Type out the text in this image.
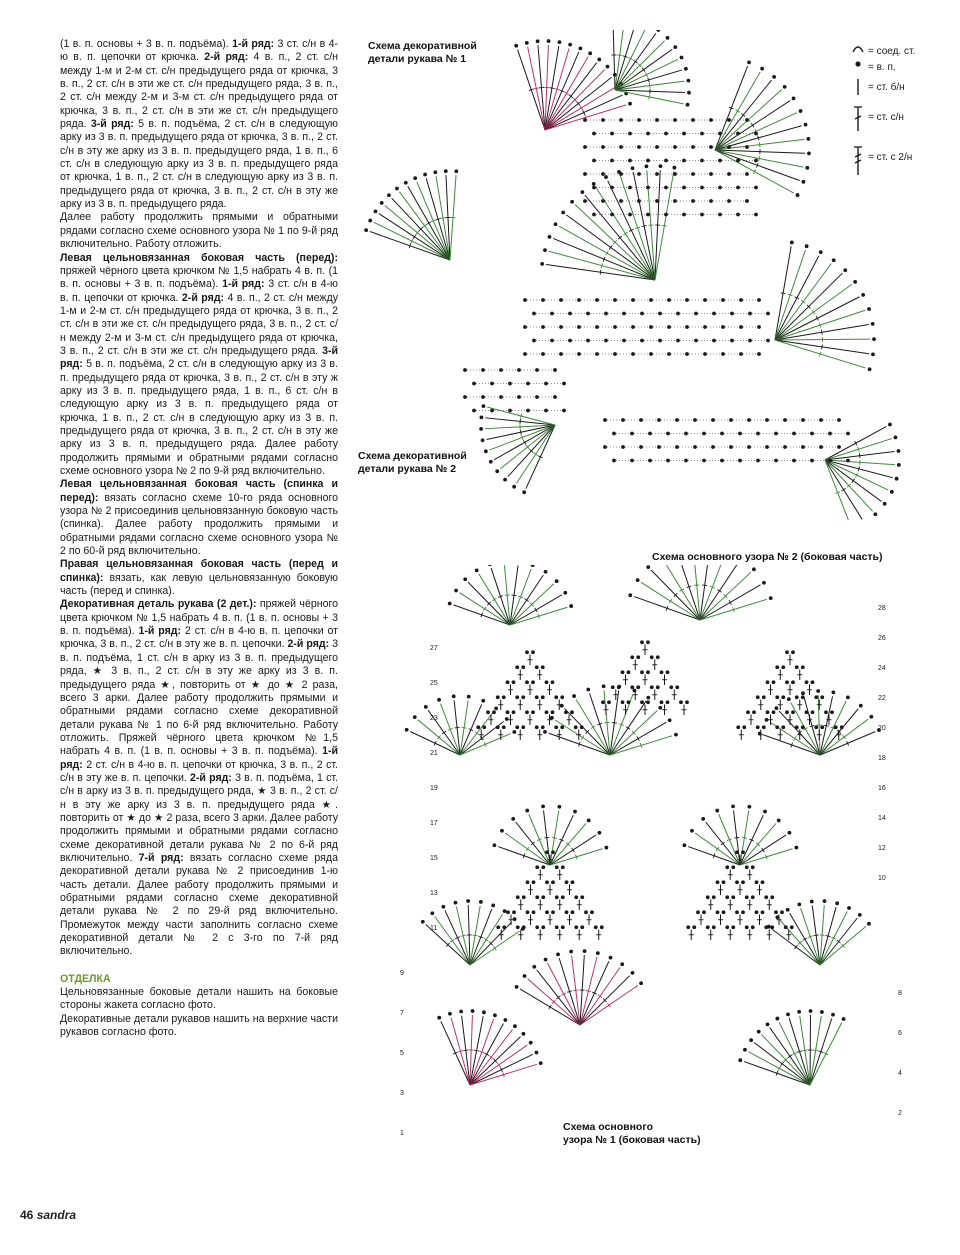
(1 в. п. основы + 3 в. п. подъёма). 1-й ряд: 3 ст. с/н в 4-ю в. п. цепочки от крючка. 2-й ряд: 4 в. п., 2 ст. с/н между 1-м и 2-м ст. с/н предыдущего ряда от крючка, 3 в. п., 2 ст. с/н в эти же ст. с/н предыдущего ряда, 3 в. п., 2 ст. с/н между 2-м и 3-м ст. с/н предыдущего ряда от крючка, 3 в. п., 2 ст. с/н в эти же ст. с/н предыдущего ряда. 3-й ряд: 5 в. п. подъёма, 2 ст. с/н в следующую арку из 3 в. п. предыдущего ряда от крючка, 3 в. п., 2 ст. с/н в эту же арку из 3 в. п. предыдущего ряда, 1 в. п., 6 ст. с/н в следующую арку из 3 в. п. предыдущего ряда от крючка, 1 в. п., 2 ст. с/н в следующую арку из 3 в. п. предыдущего ряда от крючка, 3 в. п., 2 ст. с/н в эту же арку из 3 в. п. предыдущего ряда.

Далее работу продолжить прямыми и обратными рядами согласно схеме основного узора № 1 по 9-й ряд включительно. Работу отложить.

Левая цельновязанная боковая часть (перед): пряжей чёрного цвета крючком № 1,5 набрать 4 в. п. (1 в. п. основы + 3 в. п. подъёма). 1-й ряд: 3 ст. с/н в 4-ю в. п. цепочки от крючка. 2-й ряд: 4 в. п., 2 ст. с/н между 1-м и 2-м ст. с/н предыдущего ряда от крючка, 3 в. п., 2 ст. с/н в эти же ст. с/н предыдущего ряда, 3 в. п., 2 ст. с/н между 2-м и 3-м ст. с/н предыдущего ряда от крючка, 3 в. п., 2 ст. с/н в эти же ст. с/н предыдущего ряда. 3-й ряд: 5 в. п. подъёма, 2 ст. с/н в следующую арку из 3 в. п. предыдущего ряда от крючка, 3 в. п., 2 ст. с/н в эту ж арку из 3 в. п. предыдущего ряда, 1 в. п., 6 ст. с/н в следующую арку из 3 в. п. предыдущего ряда от крючка, 1 в. п., 2 ст. с/н в следующую арку из 3 в. п. предыдущего ряда от крючка, 3 в. п., 2 ст. с/н в эту же арку из 3 в. п. предыдущего ряда. Далее работу продолжить прямыми и обратными рядами согласно схеме основного узора № 2 по 9-й ряд включительно.

Левая цельновязанная боковая часть (спинка и перед): вязать согласно схеме 10-го ряда основного узора № 2 присоединив цельновязанную боковую часть (спинка). Далее работу продолжить прямыми и обратными рядами согласно схеме основного узора № 2 по 60-й ряд включительно.

Правая цельновязанная боковая часть (перед и спинка): вязать, как левую цельновязанную боковую часть (перед и спинка).

Декоративная деталь рукава (2 дет.): пряжей чёрного цвета крючком № 1,5 набрать 4 в. п. (1 в. п. основы + 3 в. п. подъёма). 1-й ряд: 2 ст. с/н в 4-ю в. п. цепочки от крючка, 3 в. п., 2 ст. с/н в эту же в. п. цепочки. 2-й ряд: 3 в. п. подъёма, 1 ст. с/н в арку из 3 в. п. предыдущего ряда, ★ 3 в. п., 2 ст. с/н в эту же арку из 3 в. п. предыдущего ряда ★, повторить от ★ до ★ 2 раза, всего 3 арки. Далее работу продолжить прямыми и обратными рядами согласно схеме декоративной детали рукава № 1 по 6-й ряд включительно. Работу отложить. Пряжей чёрного цвета крючком №1,5 набрать 4 в. п. (1 в. п. основы + 3 в. п. подъёма). 1-й ряд: 2 ст. с/н в 4-ю в. п. цепочки от крючка, 3 в. п., 2 ст. с/н в эту же в. п. цепочки. 2-й ряд: 3 в. п. подъёма, 1 ст. с/н в арку из 3 в. п. предыдущего ряда, ★ 3 в. п., 2 ст. с/н в эту же арку из 3 в. п. предыдущего ряда ★. повторить от ★ до ★ 2 раза, всего 3 арки. Далее работу продолжить прямыми и обратными рядами согласно схеме декоративной детали рукава № 2 по 6-й ряд включительно. 7-й ряд: вязать согласно схеме ряда декоративной детали рукава № 2 присоединив 1-ю часть детали. Далее работу продолжить прямыми и обратными рядами согласно схеме декоративной детали рукава № 2 по 29-й ряд включительно. Промежуток между части заполнить согласно схеме декоративной детали № 2 с 3-го по 7-й ряд включительно.

ОТДЕЛКА

Цельновязанные боковые детали нашить на боковые стороны жакета согласно фото.

Декоративные детали рукавов нашить на верхние части рукавов согласно фото.

46 sandra
Схема декоративной
детали рукава № 1
Схема декоративной
детали рукава № 2
Схема основного узора № 2 (боковая часть)
Схема основного
узора № 1 (боковая часть)
= соед. ст.
= в. п.
= ст. б/н
= ст. с/н
= ст. с 2/н
28
26
24
22
20
18
16
14
12
10
27
25
23
21
19
17
15
13
11
8
6
4
2
9
7
5
3
1
